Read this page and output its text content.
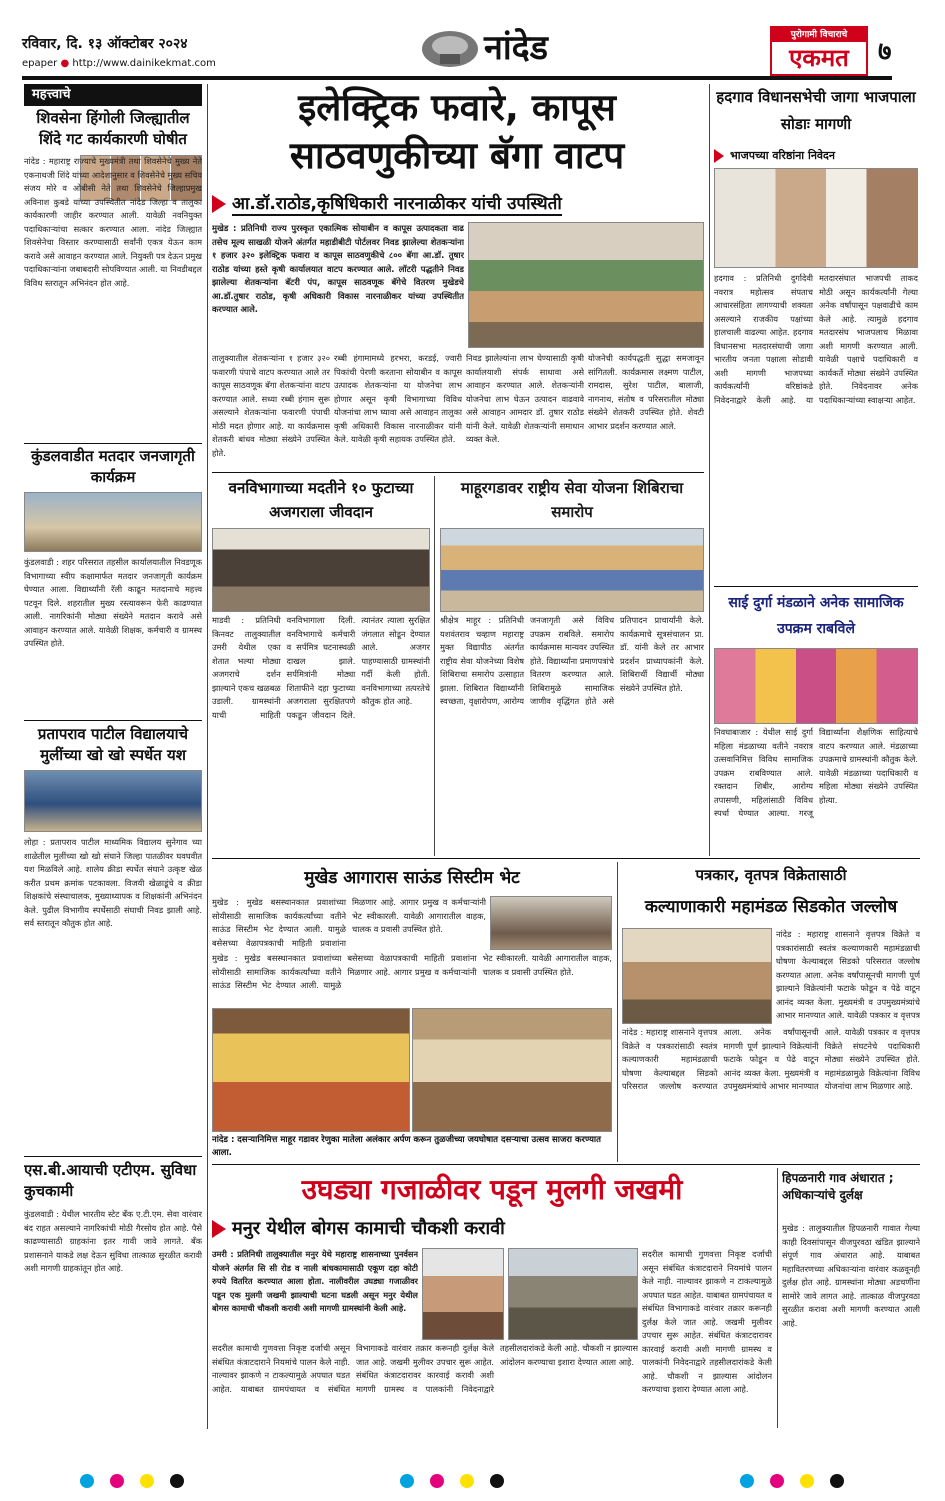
रविवार, दि. १३ ऑक्टोबर २०२४
epaper ● http://www.dainikekmat.com	नांदेड	पुरोगामी विचाराचे
एकमत	७
महत्त्वाचे
शिवसेना हिंगोली जिल्ह्यातील शिंदे गट कार्यकारणी घोषीत
नांदेड : महाराष्ट्र राज्याचे मुख्यमंत्री तथा शिवसेनेचे मुख्य नेते एकनाथजी शिंदे यांच्या आदेशानुसार व शिवसेनेचे मुख्य सचिव संजय मोरे व ओबीसी नेते तथा शिवसेनेचे जिल्हाप्रमुख अविनाश कुबडे यांच्या उपस्थितीत नांदेड जिल्हा व तालुका कार्यकारणी जाहीर करण्यात आली. यावेळी नवनियुक्त पदाधिकाऱ्यांचा सत्कार करण्यात आला. नांदेड जिल्ह्यात शिवसेनेचा विस्तार करण्यासाठी सर्वांनी एकत्र येऊन काम करावे असे आवाहन करण्यात आले. नियुक्ती पत्र देऊन प्रमुख पदाधिकाऱ्यांना जबाबदारी सोपविण्यात आली. या निवडीबद्दल विविध स्तरातून अभिनंदन होत आहे.
कुंडलवाडीत मतदार जनजागृती कार्यक्रम
कुंडलवाडी : शहर परिसरात तहसील कार्यालयातील निवडणूक विभागाच्या स्वीप कक्षामार्फत मतदार जनजागृती कार्यक्रम घेण्यात आला. विद्यार्थ्यांनी रॅली काढून मतदानाचे महत्त्व पटवून दिले. शहरातील मुख्य रस्त्यावरून फेरी काढण्यात आली. नागरिकांनी मोठ्या संख्येने मतदान करावे असे आवाहन करण्यात आले. यावेळी शिक्षक, कर्मचारी व ग्रामस्थ उपस्थित होते.
प्रतापराव पाटील विद्यालयाचे मुलींच्या खो खो स्पर्धेत यश
लोहा : प्रतापराव पाटील माध्यमिक विद्यालय सुनेगाव च्या शाळेतील मुलींच्या खो खो संघाने जिल्हा पातळीवर घवघवीत यश मिळविले आहे. शालेय क्रीडा स्पर्धेत संघाने उत्कृष्ट खेळ करीत प्रथम क्रमांक पटकावला. विजयी खेळाडूंचे व क्रीडा शिक्षकांचे संस्थाचालक, मुख्याध्यापक व शिक्षकांनी अभिनंदन केले. पुढील विभागीय स्पर्धेसाठी संघाची निवड झाली आहे. सर्व स्तरातून कौतुक होत आहे.
एस.बी.आयाची एटीएम. सुविधा कुचकामी
कुंडलवाडी : येथील भारतीय स्टेट बँक ए.टी.एम. सेवा वारंवार बंद राहत असल्याने नागरिकांची मोठी गैरसोय होत आहे. पैसे काढण्यासाठी ग्राहकांना इतर गावी जावे लागते. बँक प्रशासनाने याकडे लक्ष देऊन सुविधा तात्काळ सुरळीत करावी अशी मागणी ग्राहकांतून होत आहे.
इलेक्ट्रिक फवारे, कापूस साठवणुकीच्या बॅगा वाटप
आ.डॉ.राठोड,कृषिधिकारी नारनाळीकर यांची उपस्थिती
मुखेड : प्रतिनिधी राज्य पुरस्कृत एकात्मिक सोयाबीन व कापूस उत्पादकता वाढ तसेच मूल्य साखळी योजने अंतर्गत महाडीबीटी पोर्टलवर निवड झालेल्या शेतकऱ्यांना १ हजार ३२० इलेक्ट्रिक फवारा व कापूस साठवणुकीचे ८०० बॅगा आ.डॉ. तुषार राठोड यांच्या हस्ते कृषी कार्यालयात वाटप करण्यात आले. लॉटरी पद्धतीने निवड झालेल्या शेतकऱ्यांना बॅटरी पंप, कापूस साठवणूक बॅगेचे वितरण मुखेडचे आ.डॉ.तुषार राठोड, कृषी अधिकारी विकास नारनाळीकर यांच्या उपस्थितीत करण्यात आले.
तालुक्यातील शेतकऱ्यांना १ हजार ३२० फवारणी पंपाचे वाटप करण्यात आले तर कापूस साठवणूक बॅगा शेतकऱ्यांना वाटप करण्यात आले. सध्या रब्बी हंगाम सुरू असल्याने शेतकऱ्यांना फवारणी पंपाची मोठी मदत होणार आहे. या कार्यक्रमास शेतकरी बांधव मोठ्या संख्येने उपस्थित होते.
रब्बी हंगामामध्ये हरभरा, करडई, ज्वारी पिकांची पेरणी करताना सोयाबीन व कापूस उत्पादक शेतकऱ्यांना या योजनेचा लाभ होणार असून कृषी विभागाच्या विविध योजनांचा लाभ घ्यावा असे आवाहन तालुका कृषी अधिकारी विकास नारनाळीकर यांनी केले. यावेळी कृषी सहायक उपस्थित होते.
निवड झालेल्यांना लाभ घेण्यासाठी कृषी कार्यालयाशी संपर्क साधावा असे आवाहन करण्यात आले. शेतकऱ्यांनी योजनेचा लाभ घेऊन उत्पादन वाढवावे असे आवाहन आमदार डॉ. तुषार राठोड यांनी केले. यावेळी शेतकऱ्यांनी समाधान व्यक्त केले.
योजनेची कार्यपद्धती सुद्धा समजावून सांगितली. कार्यक्रमास लक्ष्मण पाटील, रामदास, सुरेश पाटील, बालाजी, नागनाथ, संतोष व परिसरातील मोठ्या संख्येने शेतकरी उपस्थित होते. शेवटी आभार प्रदर्शन करण्यात आले.
वनविभागाच्या मदतीने १० फुटाच्या अजगराला जीवदान
माडवी : प्रतिनिधी किनवट तालुक्यातील उमरी येथील एका शेतात भल्या मोठ्या अजगराचे दर्शन झाल्याने एकच खळबळ उडाली. ग्रामस्थांनी याची माहिती वनविभागाला दिली. वनविभागाचे कर्मचारी व सर्पमित्र घटनास्थळी दाखल झाले. सर्पमित्रांनी मोठ्या शिताफीने दहा फुटाच्या अजगराला सुरक्षितपणे पकडून जीवदान दिले. त्यानंतर त्याला सुरक्षित जंगलात सोडून देण्यात आले. अजगर पाहण्यासाठी ग्रामस्थांनी गर्दी केली होती. वनविभागाच्या तत्परतेचे कौतुक होत आहे.
माहूरगडावर राष्ट्रीय सेवा योजना शिबिराचा समारोप
श्रीक्षेत्र माहूर : प्रतिनिधी यशवंतराव चव्हाण महाराष्ट्र मुक्त विद्यापीठ अंतर्गत राष्ट्रीय सेवा योजनेच्या विशेष शिबिराचा समारोप उत्साहात झाला. शिबिरात विद्यार्थ्यांनी स्वच्छता, वृक्षारोपण, आरोग्य जनजागृती असे विविध उपक्रम राबविले. समारोप कार्यक्रमास मान्यवर उपस्थित होते. विद्यार्थ्यांना प्रमाणपत्रांचे वितरण करण्यात आले. शिबिरामुळे सामाजिक जाणीव वृद्धिंगत होते असे प्रतिपादन प्राचार्यांनी केले. कार्यक्रमाचे सूत्रसंचालन प्रा. डॉ. यांनी केले तर आभार प्रदर्शन प्राध्यापकांनी केले. शिबिरार्थी विद्यार्थी मोठ्या संख्येने उपस्थित होते.
हदगाव विधानसभेची जागा भाजपाला सोडाः मागणी
भाजपच्या वरिष्ठांना निवेदन
हदगाव : प्रतिनिधी दुर्गादेवी नवरात्र महोत्सव संपताच आचारसंहिता लागण्याची शक्यता असल्याने राजकीय पक्षांच्या हालचाली वाढल्या आहेत. हदगाव विधानसभा मतदारसंघाची जागा भारतीय जनता पक्षाला सोडावी अशी मागणी भाजपच्या कार्यकर्त्यांनी वरिष्ठांकडे निवेदनाद्वारे केली आहे. या मतदारसंघात भाजपची ताकद मोठी असून कार्यकर्त्यांनी गेल्या अनेक वर्षांपासून पक्षवाढीचे काम केले आहे. त्यामुळे हदगाव मतदारसंघ भाजपलाच मिळावा अशी मागणी करण्यात आली. यावेळी पक्षाचे पदाधिकारी व कार्यकर्ते मोठ्या संख्येने उपस्थित होते. निवेदनावर अनेक पदाधिकाऱ्यांच्या स्वाक्षऱ्या आहेत.
साई दुर्गा मंडळाने अनेक सामाजिक उपक्रम राबविले
निवघाबाजार : येथील साई दुर्गा महिला मंडळाच्या वतीने नवरात्र उत्सवानिमित्त विविध सामाजिक उपक्रम राबविण्यात आले. रक्तदान शिबीर, आरोग्य तपासणी, महिलांसाठी विविध स्पर्धा घेण्यात आल्या. गरजू विद्यार्थ्यांना शैक्षणिक साहित्याचे वाटप करण्यात आले. मंडळाच्या उपक्रमाचे ग्रामस्थांनी कौतुक केले. यावेळी मंडळाच्या पदाधिकारी व महिला मोठ्या संख्येने उपस्थित होत्या.
मुखेड आगारास साऊंड सिस्टीम भेट
मुखेड : मुखेड बसस्थानकात प्रवाशांच्या सोयीसाठी सामाजिक कार्यकर्त्यांच्या वतीने साऊंड सिस्टीम भेट देण्यात आली. यामुळे बसेसच्या वेळापत्रकाची माहिती प्रवाशांना मिळणार आहे. आगार प्रमुख व कर्मचाऱ्यांनी भेट स्वीकारली. यावेळी आगारातील वाहक, चालक व प्रवासी उपस्थित होते.
मुखेड : मुखेड बसस्थानकात प्रवाशांच्या सोयीसाठी सामाजिक कार्यकर्त्यांच्या वतीने साऊंड सिस्टीम भेट देण्यात आली. यामुळे बसेसच्या वेळापत्रकाची माहिती प्रवाशांना मिळणार आहे. आगार प्रमुख व कर्मचाऱ्यांनी भेट स्वीकारली. यावेळी आगारातील वाहक, चालक व प्रवासी उपस्थित होते.
नांदेड : दसऱ्यानिमित्त माहूर गडावर रेणुका मातेला अलंकार अर्पण करून तुळजीच्या जयघोषात दसऱ्याचा उत्सव साजरा करण्यात आला.
पत्रकार, वृतपत्र विक्रेतासाठी
कल्याणाकारी महामंडळ सिडकोत जल्लोष
नांदेड : महाराष्ट्र शासनाने वृत्तपत्र विक्रेते व पत्रकारांसाठी स्वतंत्र कल्याणकारी महामंडळाची घोषणा केल्याबद्दल सिडको परिसरात जल्लोष करण्यात आला. अनेक वर्षांपासूनची मागणी पूर्ण झाल्याने विक्रेत्यांनी फटाके फोडून व पेढे वाटून आनंद व्यक्त केला. मुख्यमंत्री व उपमुख्यमंत्र्यांचे आभार मानण्यात आले. यावेळी पत्रकार व वृत्तपत्र
नांदेड : महाराष्ट्र शासनाने वृत्तपत्र विक्रेते व पत्रकारांसाठी स्वतंत्र कल्याणकारी महामंडळाची घोषणा केल्याबद्दल सिडको परिसरात जल्लोष करण्यात आला. अनेक वर्षांपासूनची मागणी पूर्ण झाल्याने विक्रेत्यांनी फटाके फोडून व पेढे वाटून आनंद व्यक्त केला. मुख्यमंत्री व उपमुख्यमंत्र्यांचे आभार मानण्यात आले. यावेळी पत्रकार व वृत्तपत्र विक्रेते संघटनेचे पदाधिकारी मोठ्या संख्येने उपस्थित होते. महामंडळामुळे विक्रेत्यांना विविध योजनांचा लाभ मिळणार आहे.
उघड्या गजाळीवर पडून मुलगी जखमी
मनुर येथील बोगस कामाची चौकशी करावी
उमरी : प्रतिनिधी तालुक्यातील मनुर येथे महाराष्ट्र शासनाच्या पुनर्वसन योजने अंतर्गत सि सी रोड व नाली बांधकामासाठी एकूण दहा कोटी रुपये वितरित करण्यात आला होता. नालीवरील उघड्या गजाळीवर पडून एक मुलगी जखमी झाल्याची घटना घडली असून मनुर येथील बोगस कामाची चौकशी करावी अशी मागणी ग्रामस्थांनी केली आहे.
सदरील कामाची गुणवत्ता निकृष्ट दर्जाची असून संबंधित कंत्राटदाराने नियमांचे पालन केले नाही. नाल्यावर झाकणे न टाकल्यामुळे अपघात घडत आहेत. याबाबत ग्रामपंचायत व संबंधित विभागाकडे वारंवार तक्रार करूनही दुर्लक्ष केले जात आहे. जखमी मुलीवर उपचार सुरू आहेत. संबंधित कंत्राटदारावर कारवाई करावी अशी मागणी ग्रामस्थ व पालकांनी निवेदनाद्वारे तहसीलदारांकडे केली आहे. चौकशी न झाल्यास आंदोलन करण्याचा इशारा देण्यात आला आहे.
सदरील कामाची गुणवत्ता निकृष्ट दर्जाची असून संबंधित कंत्राटदाराने नियमांचे पालन केले नाही. नाल्यावर झाकणे न टाकल्यामुळे अपघात घडत आहेत. याबाबत ग्रामपंचायत व संबंधित विभागाकडे वारंवार तक्रार करूनही दुर्लक्ष केले जात आहे. जखमी मुलीवर उपचार सुरू आहेत. संबंधित कंत्राटदारावर कारवाई करावी अशी मागणी ग्रामस्थ व पालकांनी निवेदनाद्वारे तहसीलदारांकडे केली आहे. चौकशी न झाल्यास आंदोलन करण्याचा इशारा देण्यात आला आहे.
हिपळनारी गाव अंधारात ; अधिकाऱ्यांचे दुर्लक्ष
मुखेड : तालुक्यातील हिपळनारी गावात गेल्या काही दिवसांपासून वीजपुरवठा खंडित झाल्याने संपूर्ण गाव अंधारात आहे. याबाबत महावितरणच्या अधिकाऱ्यांना वारंवार कळवूनही दुर्लक्ष होत आहे. ग्रामस्थांना मोठ्या अडचणींना सामोरे जावे लागत आहे. तात्काळ वीजपुरवठा सुरळीत करावा अशी मागणी करण्यात आली आहे.
